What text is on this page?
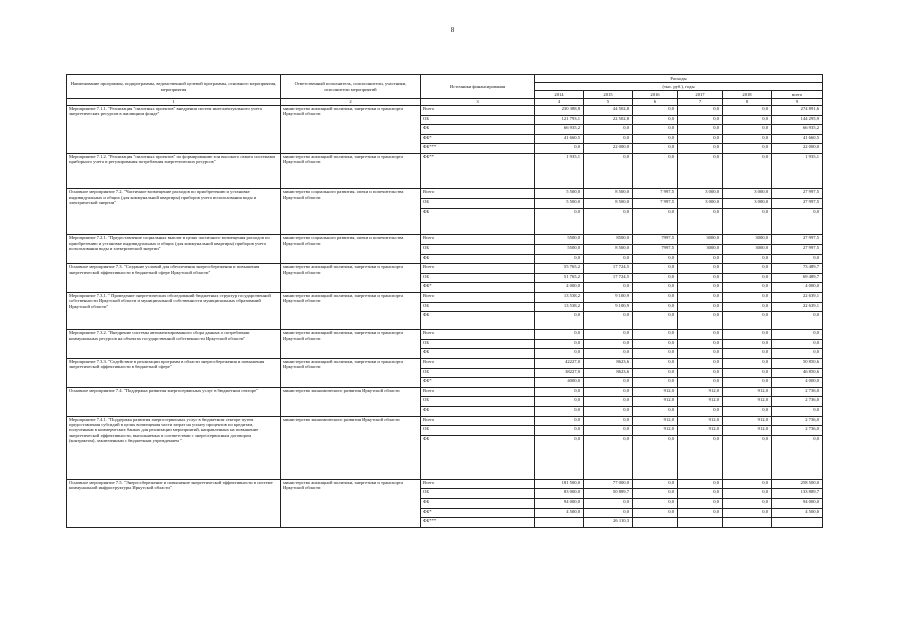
8
Наименование программы, подпрограммы, ведомственной целевой программы, основного мероприятия, мероприятия	Ответственный исполнитель, соисполнители, участники, исполнители мероприятий	Источники финансирования	Расходы					
			(тыс. руб.), годы					
			2014	2015	2016	2017	2018	всего
1	2	3	4	5	6	7	8	9
Мероприятие 7.1.1. "Реализация "пилотных проектов" внедрения систем интеллектуального учета энергетических ресурсов в жилищном фонде"	министерство жилищной политики, энергетики и транспорта Иркутской области	Всего	230 388,8	44 502,8	0,0	0,0	0,0	274 891,6
		ОБ	121 793,1	22 502,8	0,0	0,0	0,0	144 295,9
		ФБ	66 935,2	0,0	0,0	0,0	0,0	66 935,2
		ФБ*	41 660,5	0,0	0,0	0,0	0,0	41 660,5
		ФБ***	0,0	22 000,0	0,0	0,0	0,0	22 000,0
Мероприятие 7.1.2. "Реализация "пилотных проектов" по формированию зон высокого охвата системами приборного учета и регулирования потребления энергетических ресурсов"	министерство жилищной политики, энергетики и транспорта Иркутской области	ФБ**	1 935,1	0,0	0,0	0,0	0,0	1 935,1
Основное мероприятие 7.2. "Частичное возмещение расходов по приобретению и установке индивидуальных и общих (для коммунальной квартиры) приборов учета использования воды и электрической энергии"	министерство социального развития, опеки и попечительства Иркутской области	Всего	5 500,0	8 500,0	7 997,5	3 000,0	3 000,0	27 997,5
		ОБ	5 500,0	8 500,0	7 997,5	3 000,0	3 000,0	27 997,5
		ФБ	0,0	0,0	0,0	0,0	0,0	0,0
Мероприятие 7.2.1. "Предоставление социальных выплат в целях частичного возмещения расходов по приобретению и установке индивидуальных и общих (для коммунальной квартиры) приборов учета использования воды и электрической энергии"	министерство социального развития, опеки и попечительства Иркутской области	Всего	5500,0	8500,0	7997,5	3000,0	3000,0	27 997,5
		ОБ	5500,0	8 500,0	7997,5	3000,0	3000,0	27 997,5
		ФБ	0,0	0,0	0,0	0,0	0,0	0,0
Основное мероприятие 7.3. "Создание условий для обеспечения энергосбережения и повышения энергетической эффективности в бюджетной сфере Иркутской области"	министерство жилищной политики, энергетики и транспорта Иркутской области	Всего	55 765,2	17 724,5	0,0	0,0	0,0	73 489,7
		ОБ	51 765,2	17 724,5	0,0	0,0	0,0	69 489,7
		ФБ*	4 000,0	0,0	0,0	0,0	0,0	4 000,0
Мероприятие 7.3.1. " Проведение энергетических обследований бюджетных структур государственной собственности Иркутской области и муниципальной собственности муниципальных образований Иркутской области"	министерство жилищной политики, энергетики и транспорта Иркутской области	Всего	13 538,2	9 100,9	0,0	0,0	0,0	22 639,1
		ОБ	13 538,2	9 100,9	0,0	0,0	0,0	22 639,1
		ФБ	0,0	0,0	0,0	0,0	0,0	0,0
Мероприятие 7.3.2. "Внедрение системы автоматизированного сбора данных о потреблении коммунальных ресурсов на объектах государственной собственности Иркутской области"	министерство жилищной политики, энергетики и транспорта Иркутской области	Всего	0,0	0,0	0,0	0,0	0,0	0,0
		ОБ	0,0	0,0	0,0	0,0	0,0	0,0
		ФБ	0,0	0,0	0,0	0,0	0,0	0,0
Мероприятие 7.3.3. "Содействие в реализации программ в области энергосбережения и повышения энергетической эффективности в бюджетной сфере"	министерство жилищной политики, энергетики и транспорта Иркутской области	Всего	42227,0	8623,6	0,0	0,0	0,0	50 850,6
		ОБ	38227,0	8623,6	0,0	0,0	0,0	46 850,6
		ФБ*	4000,0	0,0	0,0	0,0	0,0	4 000,0
Основное мероприятие 7.4. "Поддержка развития энергосервисных услуг в бюджетном секторе"	министерство экономического развития Иркутской области	Всего	0,0	0,0	912,0	912,0	912,0	2 736,0
		ОБ	0,0	0,0	912,0	912,0	912,0	2 736,0
		ФБ	0,0	0,0	0,0	0,0	0,0	0,0
Мероприятие 7.4.1. "Поддержка развития энергосервисных услуг в бюджетном секторе путем предоставления субсидий в целях возмещения части затрат на уплату процентов по кредитам, полученным в коммерческих банках для реализации мероприятий, направленных на повышение энергетической эффективности, выполняемых в соответствии с энергосервисным договором (контрактом), заключенным с бюджетным учреждением "	министерство экономического развития Иркутской области	Всего	0,0	0,0	912,0	912,0	912,0	2 736,0
		ОБ	0,0	0,0	912,0	912,0	912,0	2 736,0
		ФБ	0,0	0,0	0,0	0,0	0,0	0,0
Основное мероприятие 7.5. "Энергосбережение и повышение энергетической эффективности в системе коммунальной инфраструктуры Иркутской области"	министерство жилищной политики, энергетики и транспорта Иркутской области	Всего	181 500,0	77 000,0	0,0	0,0	0,0	258 500,0
		ОБ	83 000,0	50 889,7	0,0	0,0	0,0	133 889,7
		ФБ	94 000,0	0,0	0,0	0,0	0,0	94 000,0
		ФБ*	4 500,0	0,0	0,0	0,0	0,0	4 500,0
		ФБ***		26 110,3				
